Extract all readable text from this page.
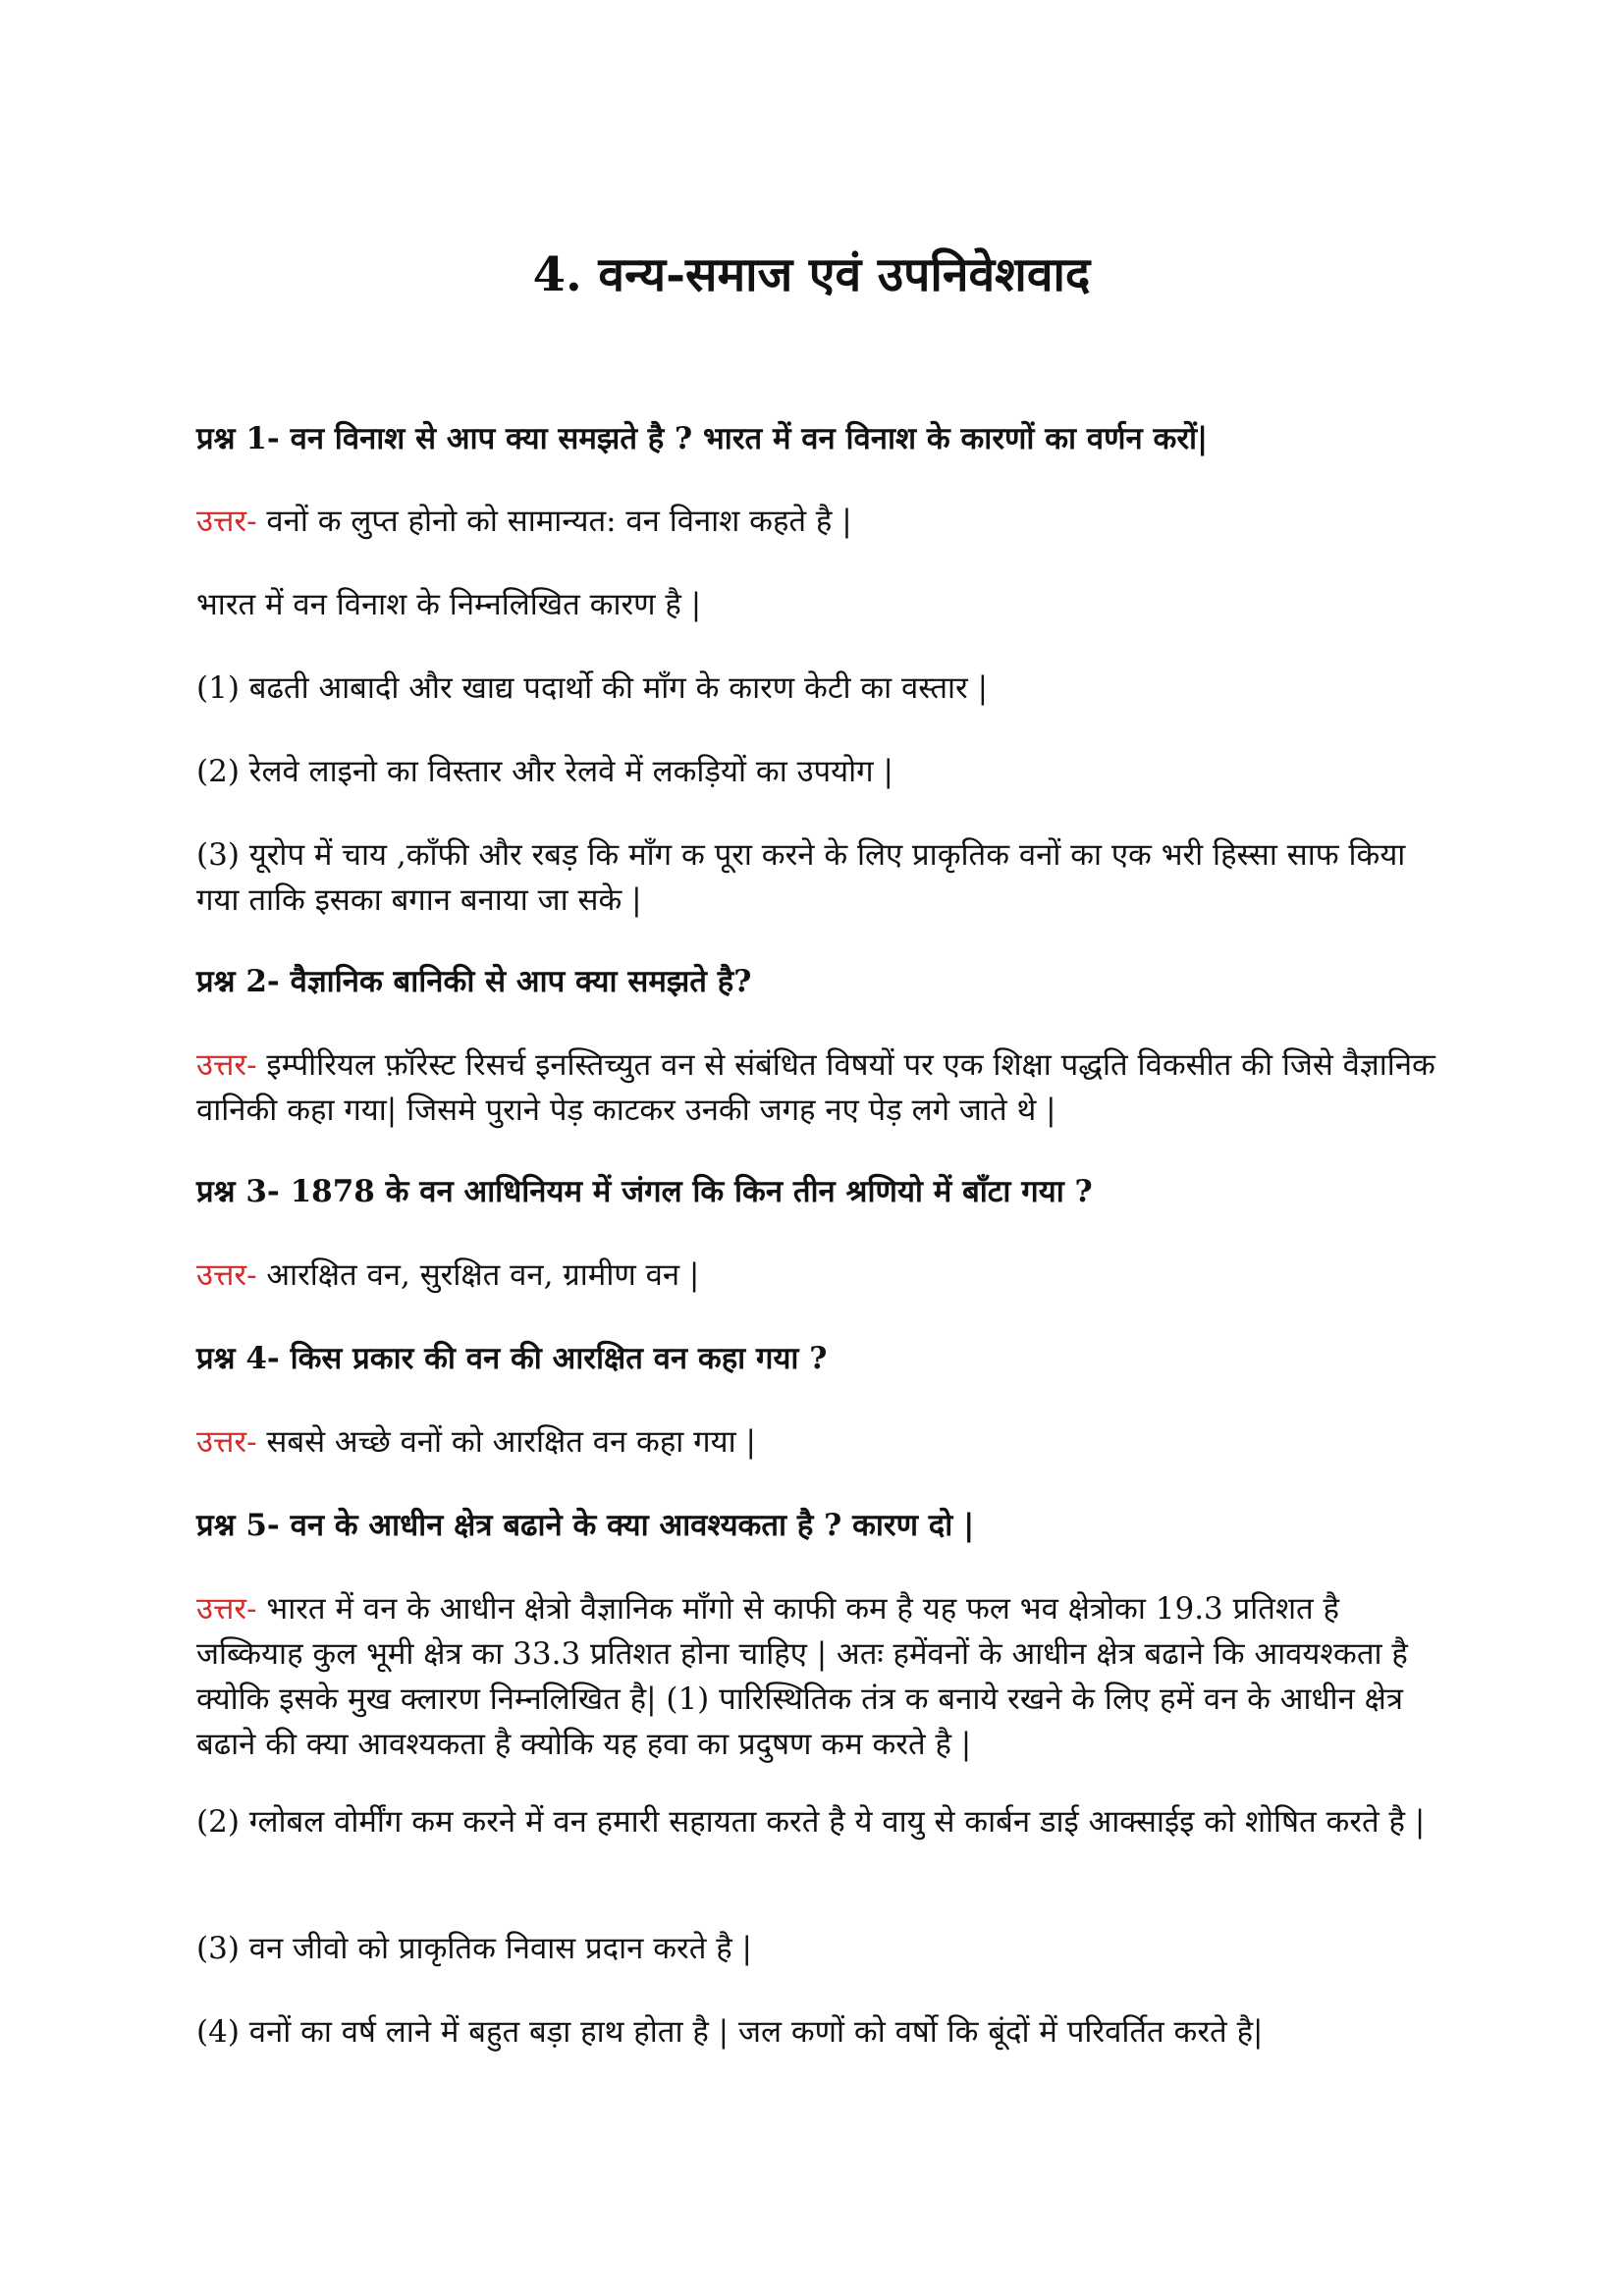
4. वन्य-समाज एवं उपनिवेशवाद

प्रश्न 1- वन विनाश से आप क्या समझते है ? भारत में वन विनाश के कारणों का वर्णन करों|

उत्तर- वनों क लुप्त होनो को सामान्यत: वन विनाश कहते है |

भारत में वन विनाश के निम्नलिखित कारण है |

(1) बढती आबादी और खाद्य पदार्थो की माँग के कारण केटी का वस्तार |

(2) रेलवे लाइनो का विस्तार और रेलवे में लकड़ियों का उपयोग |

(3) यूरोप में चाय ,काँफी और रबड़ कि माँग क पूरा करने के लिए प्राकृतिक वनों का एक भरी हिस्सा साफ किया गया ताकि इसका बगान बनाया जा सके |

प्रश्न 2- वैज्ञानिक बानिकी से आप क्या समझते है?

उत्तर- इम्पीरियल फ़ॉरेस्ट रिसर्च इनस्तिच्युत वन से संबंधित विषयों पर एक शिक्षा पद्धति विकसीत की जिसे वैज्ञानिक वानिकी कहा गया| जिसमे पुराने पेड़ काटकर उनकी जगह नए पेड़ लगे जाते थे |

प्रश्न 3- 1878 के वन आधिनियम में जंगल कि किन तीन श्रणियो में बाँटा गया ?

उत्तर- आरक्षित वन, सुरक्षित वन, ग्रामीण वन |

प्रश्न 4- किस प्रकार की वन की आरक्षित वन कहा गया ?

उत्तर- सबसे अच्छे वनों को आरक्षित वन कहा गया |

प्रश्न 5- वन के आधीन क्षेत्र बढाने के क्या आवश्यकता है ? कारण दो |

उत्तर- भारत में वन के आधीन क्षेत्रो वैज्ञानिक माँगो से काफी कम है यह फल भव क्षेत्रोका 19.3 प्रतिशत है जब्कियाह कुल भूमी क्षेत्र का 33.3 प्रतिशत होना चाहिए | अतः हमेंवनों के आधीन क्षेत्र बढाने कि आवयश्कता है क्योकि इसके मुख क्लारण निम्नलिखित है| (1) पारिस्थितिक तंत्र क बनाये रखने के लिए हमें वन के आधीन क्षेत्र बढाने की क्या आवश्यकता है क्योकि यह हवा का प्रदुषण कम करते है |

(2) ग्लोबल वोर्मींग कम करने में वन हमारी सहायता करते है ये वायु से कार्बन डाई आक्साईइ को शोषित करते है |

(3) वन जीवो को प्राकृतिक निवास प्रदान करते है |

(4) वनों का वर्ष लाने में बहुत बड़ा हाथ होता है | जल कणों को वर्षो कि बूंदों में परिवर्तित करते है|
